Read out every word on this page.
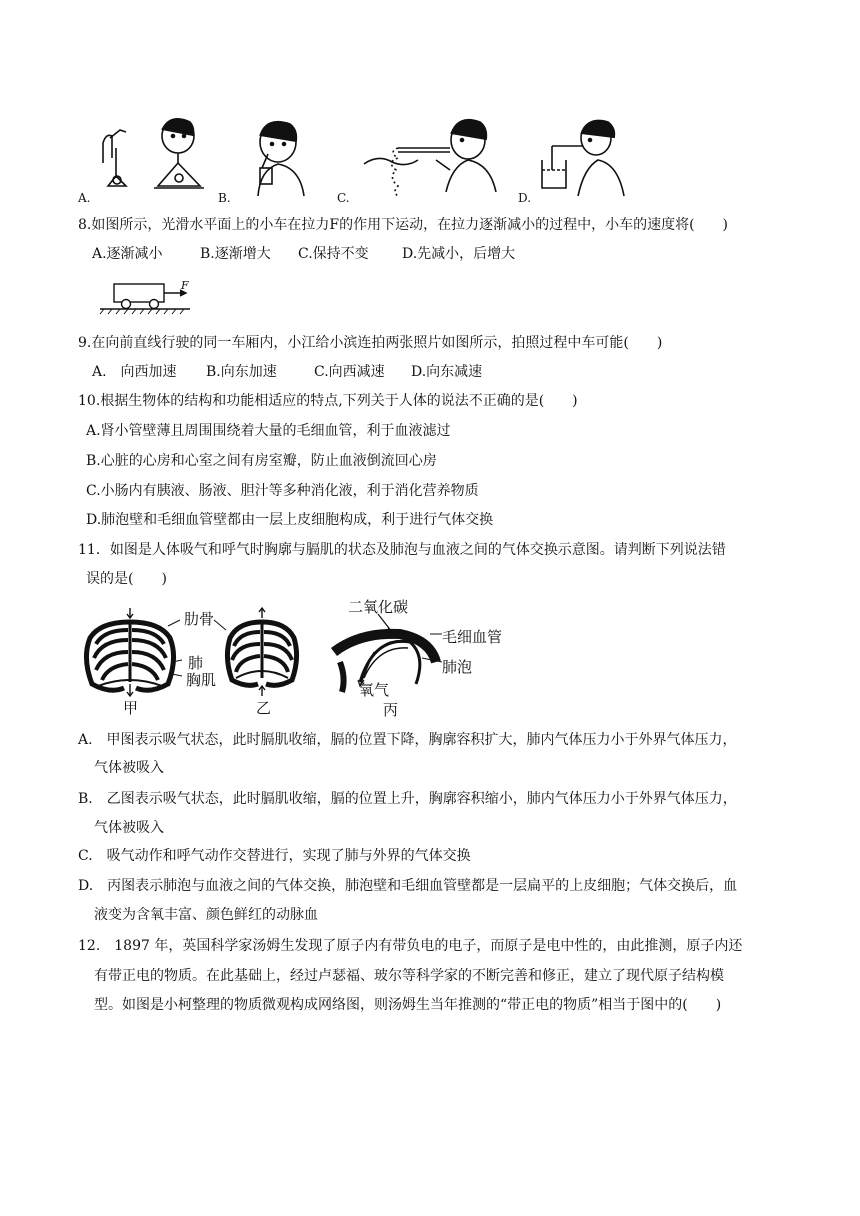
A.	B.	C.	D.
8.如图所示，光滑水平面上的小车在拉力F的作用下运动，在拉力逐渐减小的过程中，小车的速度将(　　)
A.逐渐减小	B.逐渐增大 C.保持不变 D.先减小，后增大
F
9.在向前直线行驶的同一车厢内，小江给小滨连拍两张照片如图所示，拍照过程中车可能(　　)
A.　向西加速 B.向东加速	C.向西减速 D.向东减速
10.根据生物体的结构和功能相适应的特点,下列关于人体的说法不正确的是(　　)
A.肾小管壁薄且周围围绕着大量的毛细血管，利于血液滤过
B.心脏的心房和心室之间有房室瓣，防止血液倒流回心房
C.小肠内有胰液、肠液、胆汁等多种消化液，利于消化营养物质
D.肺泡壁和毛细血管壁都由一层上皮细胞构成，利于进行气体交换
11．如图是人体吸气和呼气时胸廓与膈肌的状态及肺泡与血液之间的气体交换示意图。请判断下列说法错
误的是(　　)
肋骨
肺
胸肌
甲	乙
二氧化碳
毛细血管
肺泡
氧气
丙
A.　甲图表示吸气状态，此时膈肌收缩，膈的位置下降，胸廓容积扩大，肺内气体压力小于外界气体压力，
气体被吸入
B.　乙图表示吸气状态，此时膈肌收缩，膈的位置上升，胸廓容积缩小，肺内气体压力小于外界气体压力，
气体被吸入
C.　吸气动作和呼气动作交替进行，实现了肺与外界的气体交换
D.　丙图表示肺泡与血液之间的气体交换，肺泡壁和毛细血管壁都是一层扁平的上皮细胞；气体交换后，血
液变为含氧丰富、颜色鲜红的动脉血
12.　1897 年，英国科学家汤姆生发现了原子内有带负电的电子，而原子是电中性的，由此推测，原子内还
有带正电的物质。在此基础上，经过卢瑟福、玻尔等科学家的不断完善和修正，建立了现代原子结构模
型。如图是小柯整理的物质微观构成网络图，则汤姆生当年推测的“带正电的物质”相当于图中的(　　)
